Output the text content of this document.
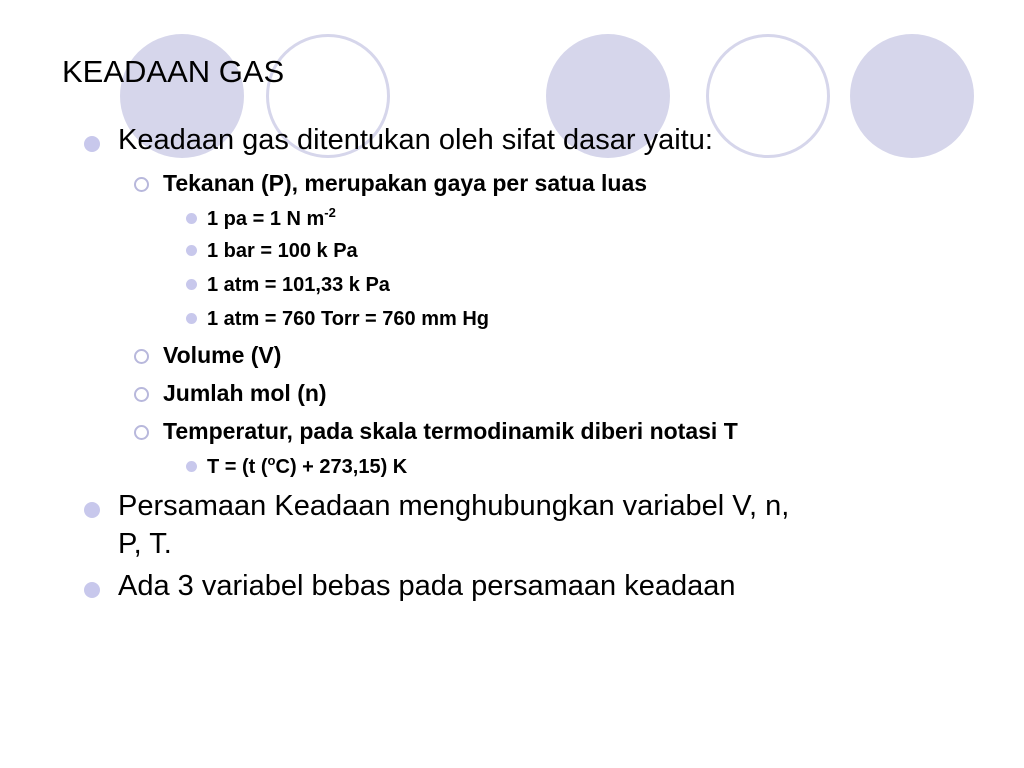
KEADAAN GAS
Keadaan gas ditentukan oleh sifat dasar yaitu:
Tekanan (P), merupakan gaya per satua luas
1 pa = 1 N $m^{-2}$
1 bar = 100 k Pa
1 atm = 101,33 k Pa
1 atm = 760 Torr = 760 mm Hg
Volume (V)
Jumlah mol (n)
Temperatur, pada skala termodinamik diberi notasi T
T = (t ($^o$C) + 273,15) K
Persamaan Keadaan menghubungkan variabel V, n,
P, T.
Ada 3 variabel bebas pada persamaan keadaan
